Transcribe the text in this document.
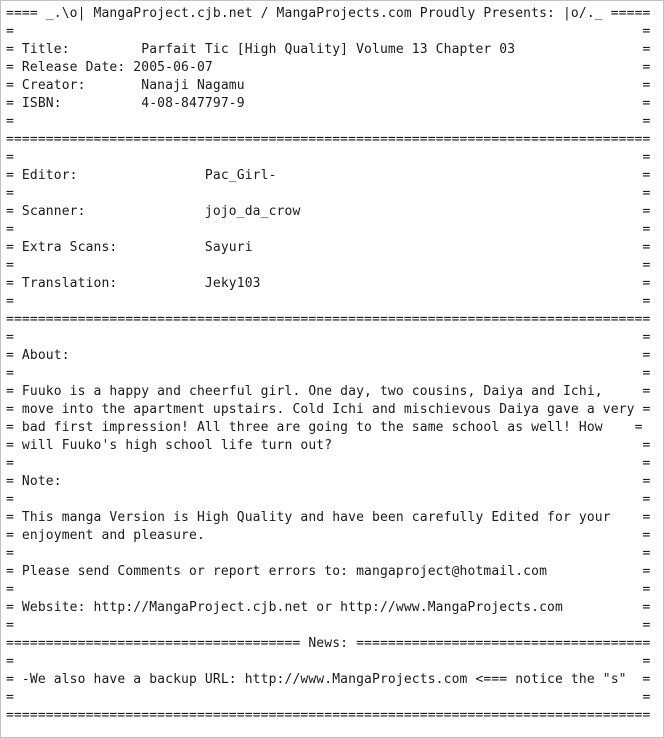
==== _.\o| MangaProject.cjb.net / MangaProjects.com Proudly Presents: |o/._ =====
=                                                                               =
= Title:         Parfait Tic [High Quality] Volume 13 Chapter 03                =
= Release Date: 2005-06-07                                                      =
= Creator:       Nanaji Nagamu                                                  =
= ISBN:          4-08-847797-9                                                  =
=                                                                               =
=================================================================================
=                                                                               =
= Editor:                Pac_Girl-                                              =
=                                                                               =
= Scanner:               jojo_da_crow                                           =
=                                                                               =
= Extra Scans:           Sayuri                                                 =
=                                                                               =
= Translation:           Jeky103                                                =
=                                                                               =
=================================================================================
=                                                                               =
= About:                                                                        =
=                                                                               =
= Fuuko is a happy and cheerful girl. One day, two cousins, Daiya and Ichi,     =
= move into the apartment upstairs. Cold Ichi and mischievous Daiya gave a very =
= bad first impression! All three are going to the same school as well! How    =
= will Fuuko's high school life turn out?                                       =
=                                                                               =
= Note:                                                                         =
=                                                                               =
= This manga Version is High Quality and have been carefully Edited for your    =
= enjoyment and pleasure.                                                       =
=                                                                               =
= Please send Comments or report errors to: mangaproject@hotmail.com            =
=                                                                               =
= Website: http://MangaProject.cjb.net or http://www.MangaProjects.com          =
=                                                                               =
===================================== News: =====================================
=                                                                               =
= -We also have a backup URL: http://www.MangaProjects.com <=== notice the "s"  =
=                                                                               =
=================================================================================
